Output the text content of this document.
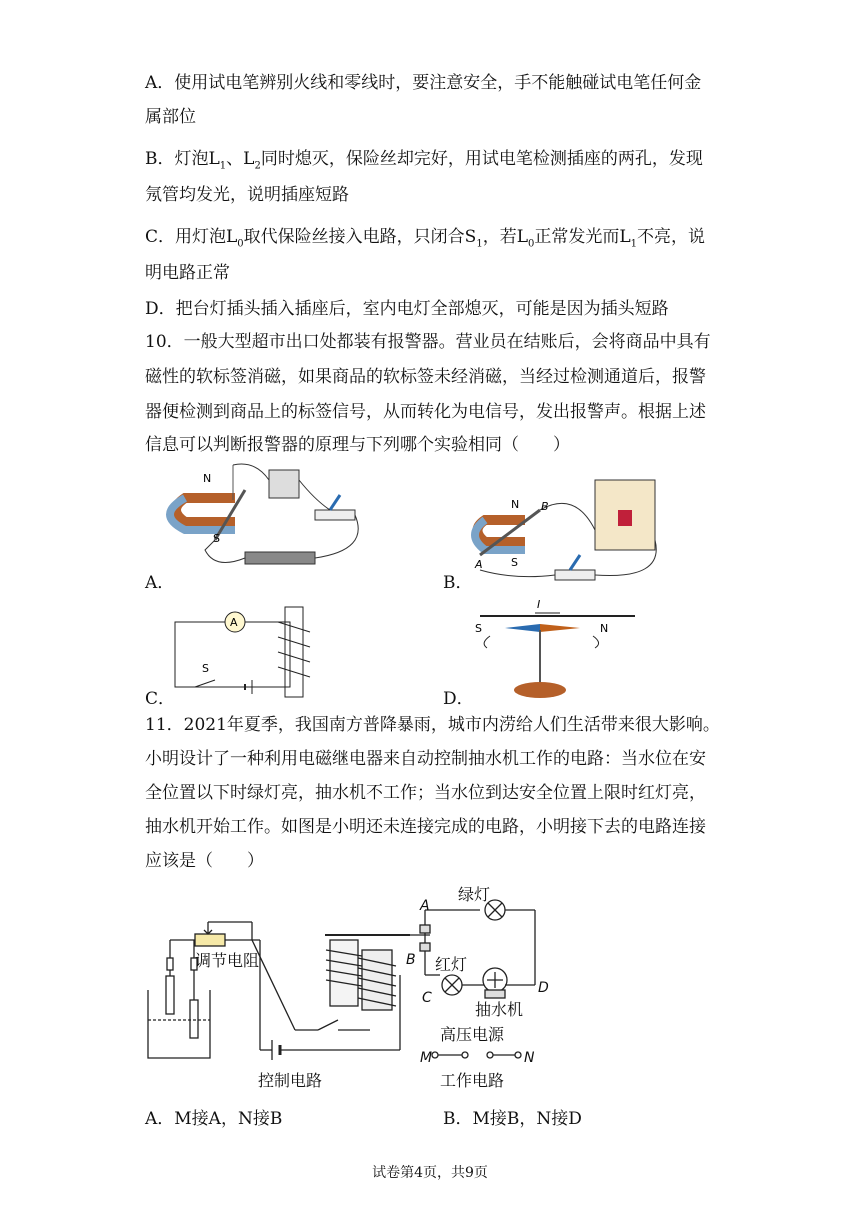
A．使用试电笔辨别火线和零线时，要注意安全，手不能触碰试电笔任何金
属部位
B．灯泡$L_1$、$L_2$同时熄灭，保险丝却完好，用试电笔检测插座的两孔，发现
氖管均发光，说明插座短路
C．用灯泡$L_0$取代保险丝接入电路，只闭合$S_1$，若$L_0$正常发光而$L_1$不亮，说
明电路正常
D．把台灯插头插入插座后，室内电灯全部熄灭，可能是因为插头短路
10．一般大型超市出口处都装有报警器。营业员在结账后，会将商品中具有
磁性的软标签消磁，如果商品的软标签未经消磁，当经过检测通道后，报警
器便检测到商品上的标签信号，从而转化为电信号，发出报警声。根据上述
信息可以判断报警器的原理与下列哪个实验相同（　　）
N
S
A．
N B
A	S
B．
A
S
C．
I
S	N
D．
11．2021年夏季，我国南方普降暴雨，城市内涝给人们生活带来很大影响。
小明设计了一种利用电磁继电器来自动控制抽水机工作的电路：当水位在安
全位置以下时绿灯亮，抽水机不工作；当水位到达安全位置上限时红灯亮，
抽水机开始工作。如图是小明还未连接完成的电路，小明接下去的电路连接
应该是（　　）
绿灯
红灯
抽水机
高压电源
调节电阻
控制电路	工作电路
A
B
C
D
M	N
A．M接A，N接B	B．M接B，N接D
试卷第4页，共9页
